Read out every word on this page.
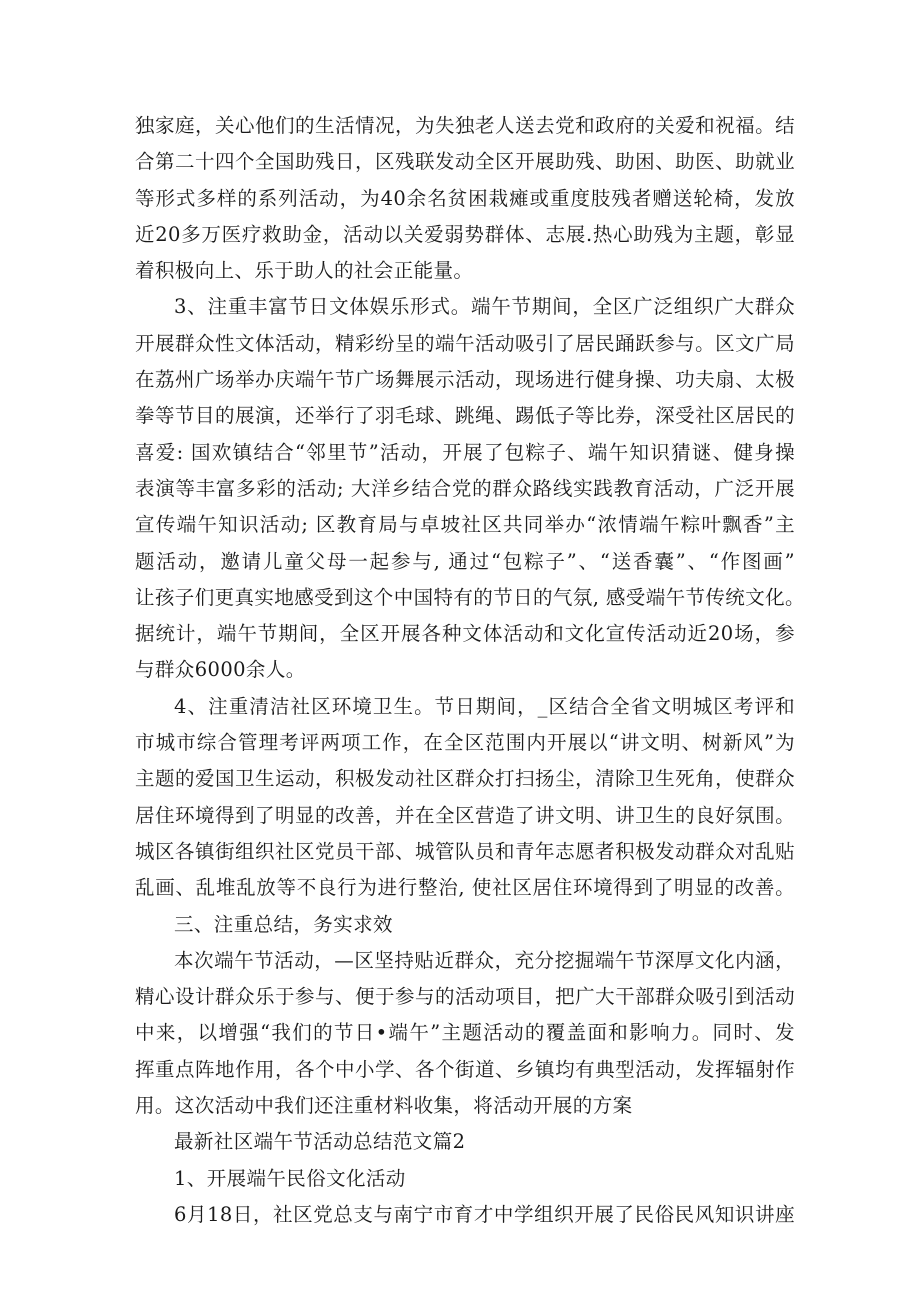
独家庭，关心他们的生活情况，为失独老人送去党和政府的关爱和祝福。结
合第二十四个全国助残日，区残联发动全区开展助残、助困、助医、助就业
等形式多样的系列活动，为40余名贫困栽瘫或重度肢残者赠送轮椅，发放
近20多万医疗救助金，活动以关爱弱势群体、志展.热心助残为主题，彰显
着积极向上、乐于助人的社会正能量。
3、注重丰富节日文体娱乐形式。端午节期间，全区广泛组织广大群众
开展群众性文体活动，精彩纷呈的端午活动吸引了居民踊跃参与。区文广局
在荔州广场举办庆端午节广场舞展示活动，现场进行健身操、功夫扇、太极
拳等节目的展演，还举行了羽毛球、跳绳、踢低子等比券，深受社区居民的
喜爱: 国欢镇结合“邻里节”活动，开展了包粽子、端午知识猜谜、健身操
表演等丰富多彩的活动; 大洋乡结合党的群众路线实践教育活动，广泛开展
宣传端午知识活动; 区教育局与卓坡社区共同举办“浓情端午粽叶飘香”主
题活动，邀请儿童父母一起参与, 通过“包粽子”、“送香囊”、“作图画”
让孩子们更真实地感受到这个中国特有的节日的气氛, 感受端午节传统文化。
据统计，端午节期间，全区开展各种文体活动和文化宣传活动近20场，参
与群众6000余人。
4、注重清洁社区环境卫生。节日期间，_区结合全省文明城区考评和
市城市综合管理考评两项工作，在全区范围内开展以“讲文明、树新风”为
主题的爱国卫生运动，积极发动社区群众打扫扬尘，清除卫生死角，使群众
居住环境得到了明显的改善，并在全区营造了讲文明、讲卫生的良好氛围。
城区各镇街组织社区党员干部、城管队员和青年志愿者积极发动群众对乱贴
乱画、乱堆乱放等不良行为进行整治, 使社区居住环境得到了明显的改善。
三、注重总结，务实求效
本次端午节活动，—区坚持贴近群众，充分挖掘端午节深厚文化内涵，
精心设计群众乐于参与、便于参与的活动项目，把广大干部群众吸引到活动
中来，以增强“我们的节日•端午”主题活动的覆盖面和影响力。同时、发
挥重点阵地作用，各个中小学、各个街道、乡镇均有典型活动，发挥辐射作
用。这次活动中我们还注重材料收集，将活动开展的方案
最新社区端午节活动总结范文篇2
1、开展端午民俗文化活动
6月18日，社区党总支与南宁市育才中学组织开展了民俗民风知识讲座
